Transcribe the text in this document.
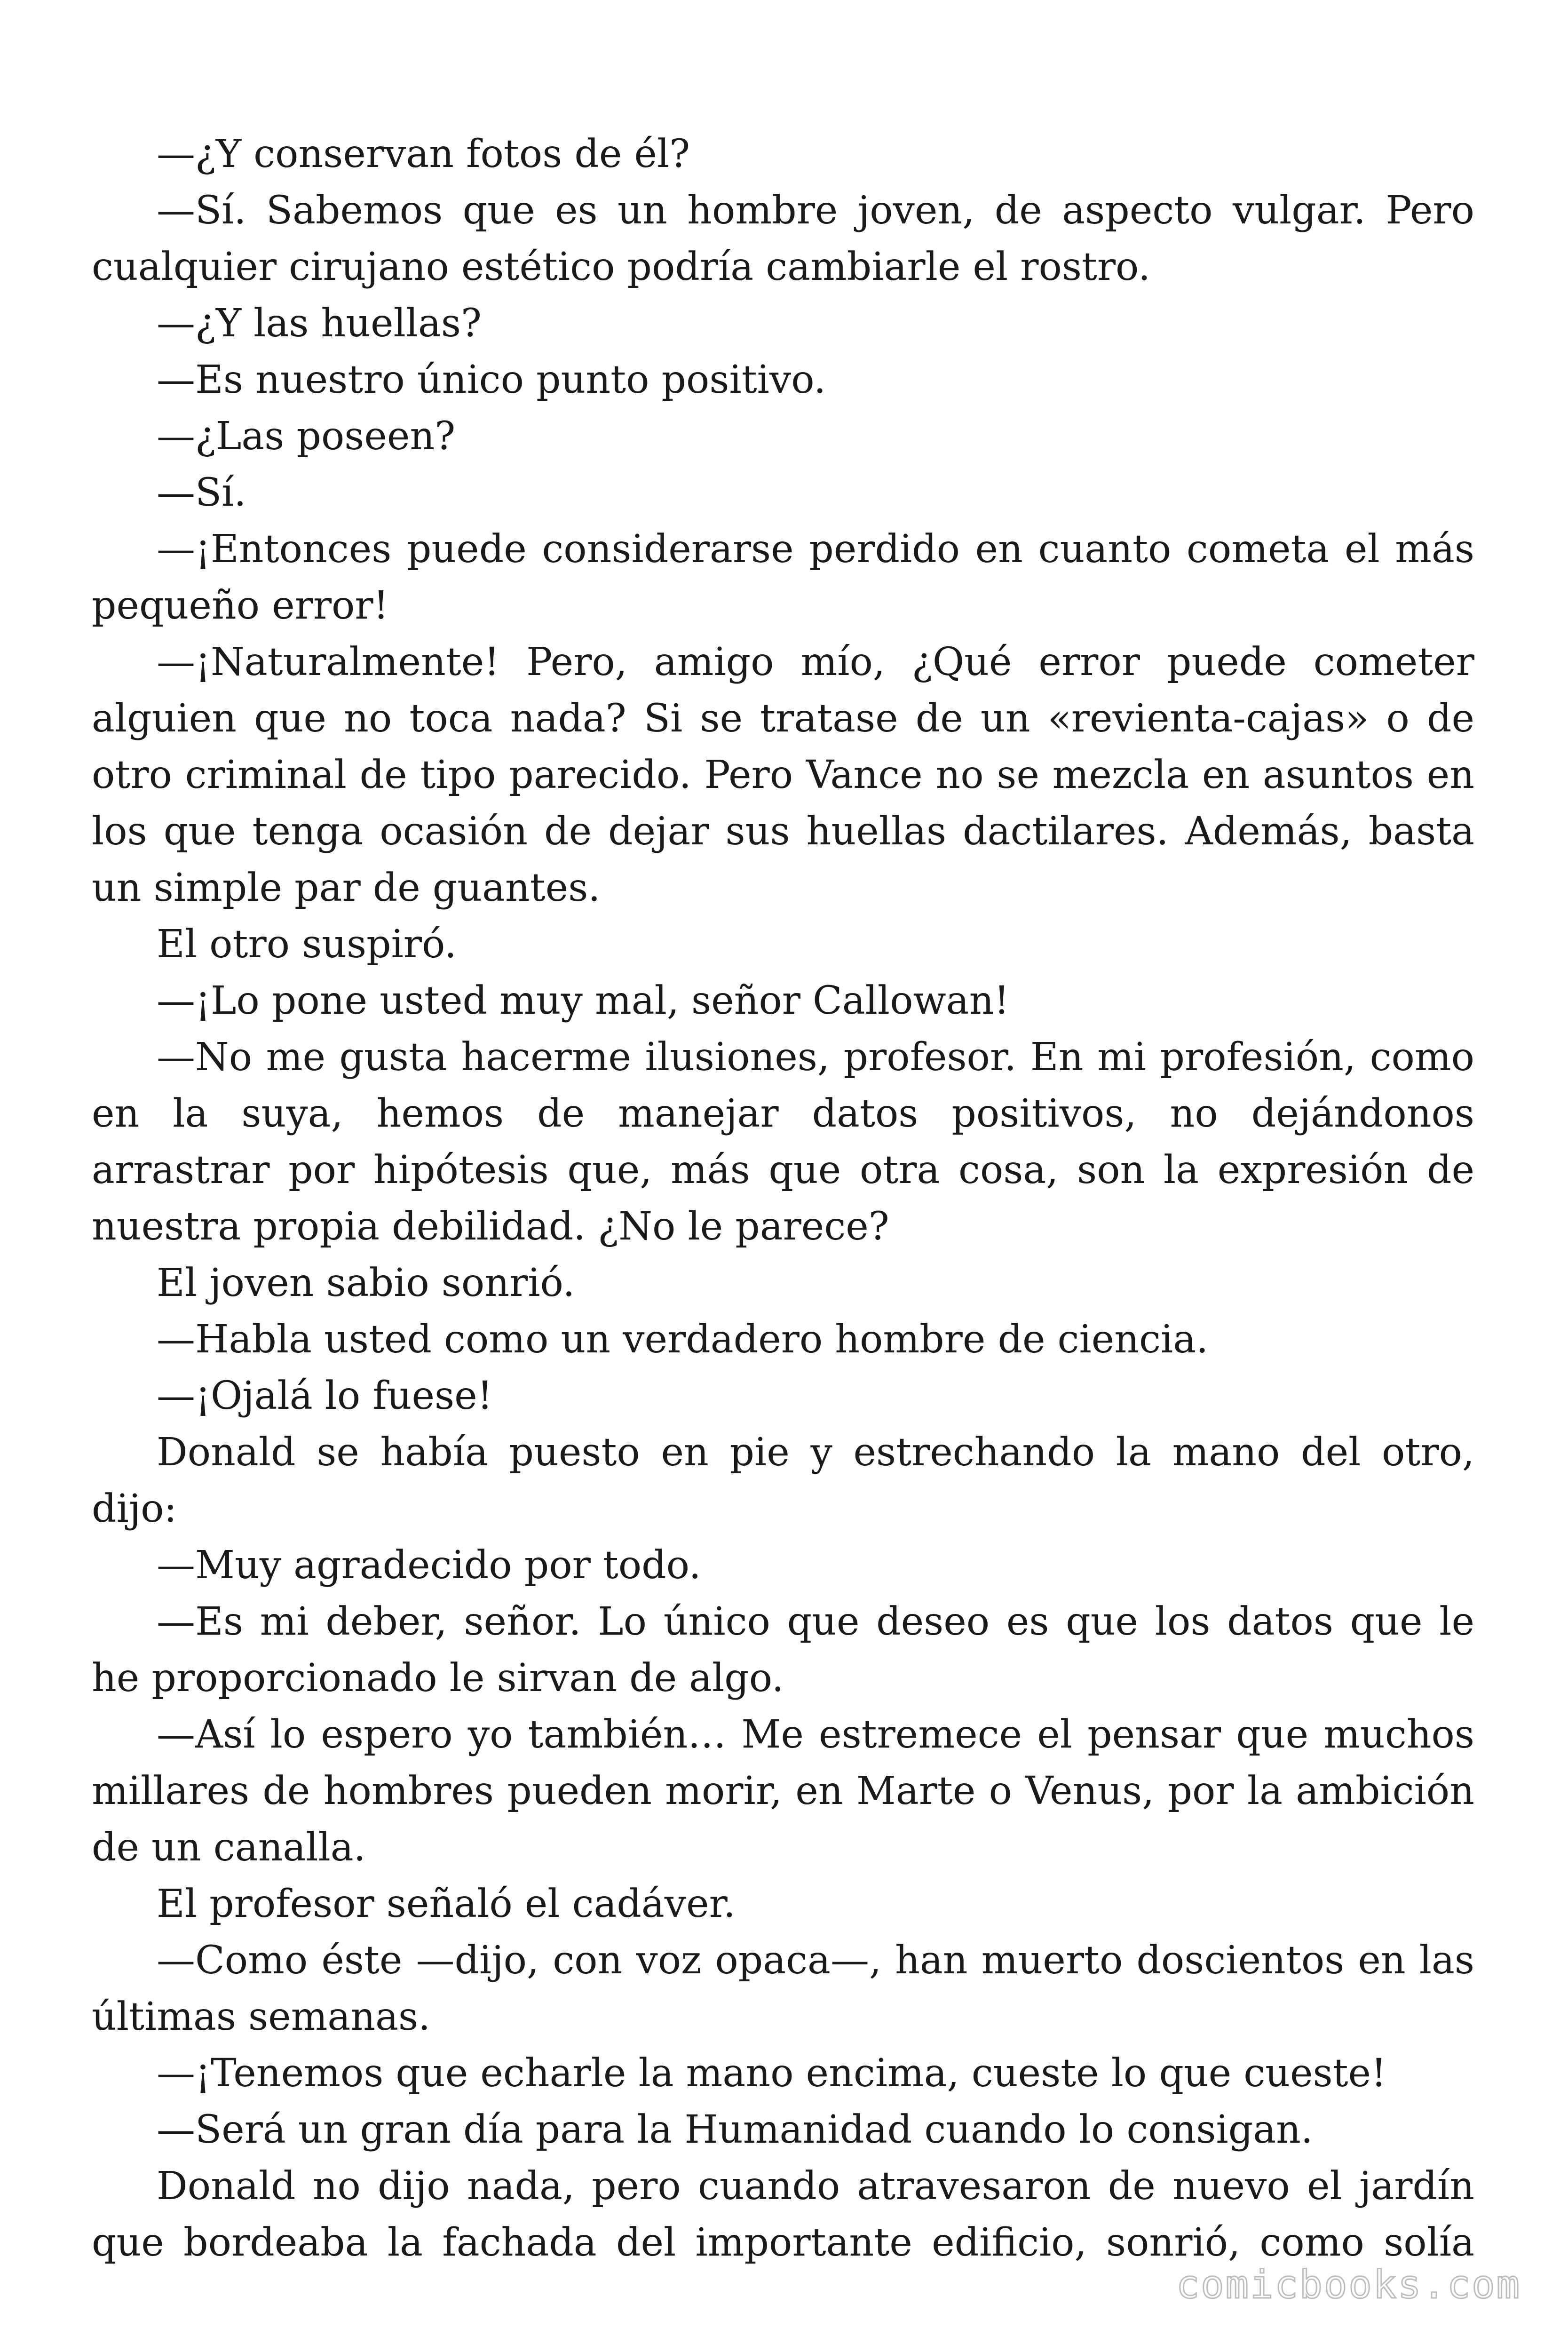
—¿Y conservan fotos de él?

—Sí. Sabemos que es un hombre joven, de aspecto vulgar. Pero cualquier cirujano estético podría cambiarle el rostro.

—¿Y las huellas?

—Es nuestro único punto positivo.

—¿Las poseen?

—Sí.

—¡Entonces puede considerarse perdido en cuanto cometa el más pequeño error!

—¡Naturalmente! Pero, amigo mío, ¿Qué error puede cometer alguien que no toca nada? Si se tratase de un «revienta-cajas» o de otro criminal de tipo parecido. Pero Vance no se mezcla en asuntos en los que tenga ocasión de dejar sus huellas dactilares. Además, basta un simple par de guantes.

El otro suspiró.

—¡Lo pone usted muy mal, señor Callowan!

—No me gusta hacerme ilusiones, profesor. En mi profesión, como en la suya, hemos de manejar datos positivos, no dejándonos arrastrar por hipótesis que, más que otra cosa, son la expresión de nuestra propia debilidad. ¿No le parece?

El joven sabio sonrió.

—Habla usted como un verdadero hombre de ciencia.

—¡Ojalá lo fuese!

Donald se había puesto en pie y estrechando la mano del otro, dijo:

—Muy agradecido por todo.

—Es mi deber, señor. Lo único que deseo es que los datos que le he proporcionado le sirvan de algo.

—Así lo espero yo también… Me estremece el pensar que muchos millares de hombres pueden morir, en Marte o Venus, por la ambición de un canalla.

El profesor señaló el cadáver.

—Como éste —dijo, con voz opaca—, han muerto doscientos en las últimas semanas.

—¡Tenemos que echarle la mano encima, cueste lo que cueste!

—Será un gran día para la Humanidad cuando lo consigan.

Donald no dijo nada, pero cuando atravesaron de nuevo el jardín que bordeaba la fachada del importante edificio, sonrió, como solía

comicbooks.com
